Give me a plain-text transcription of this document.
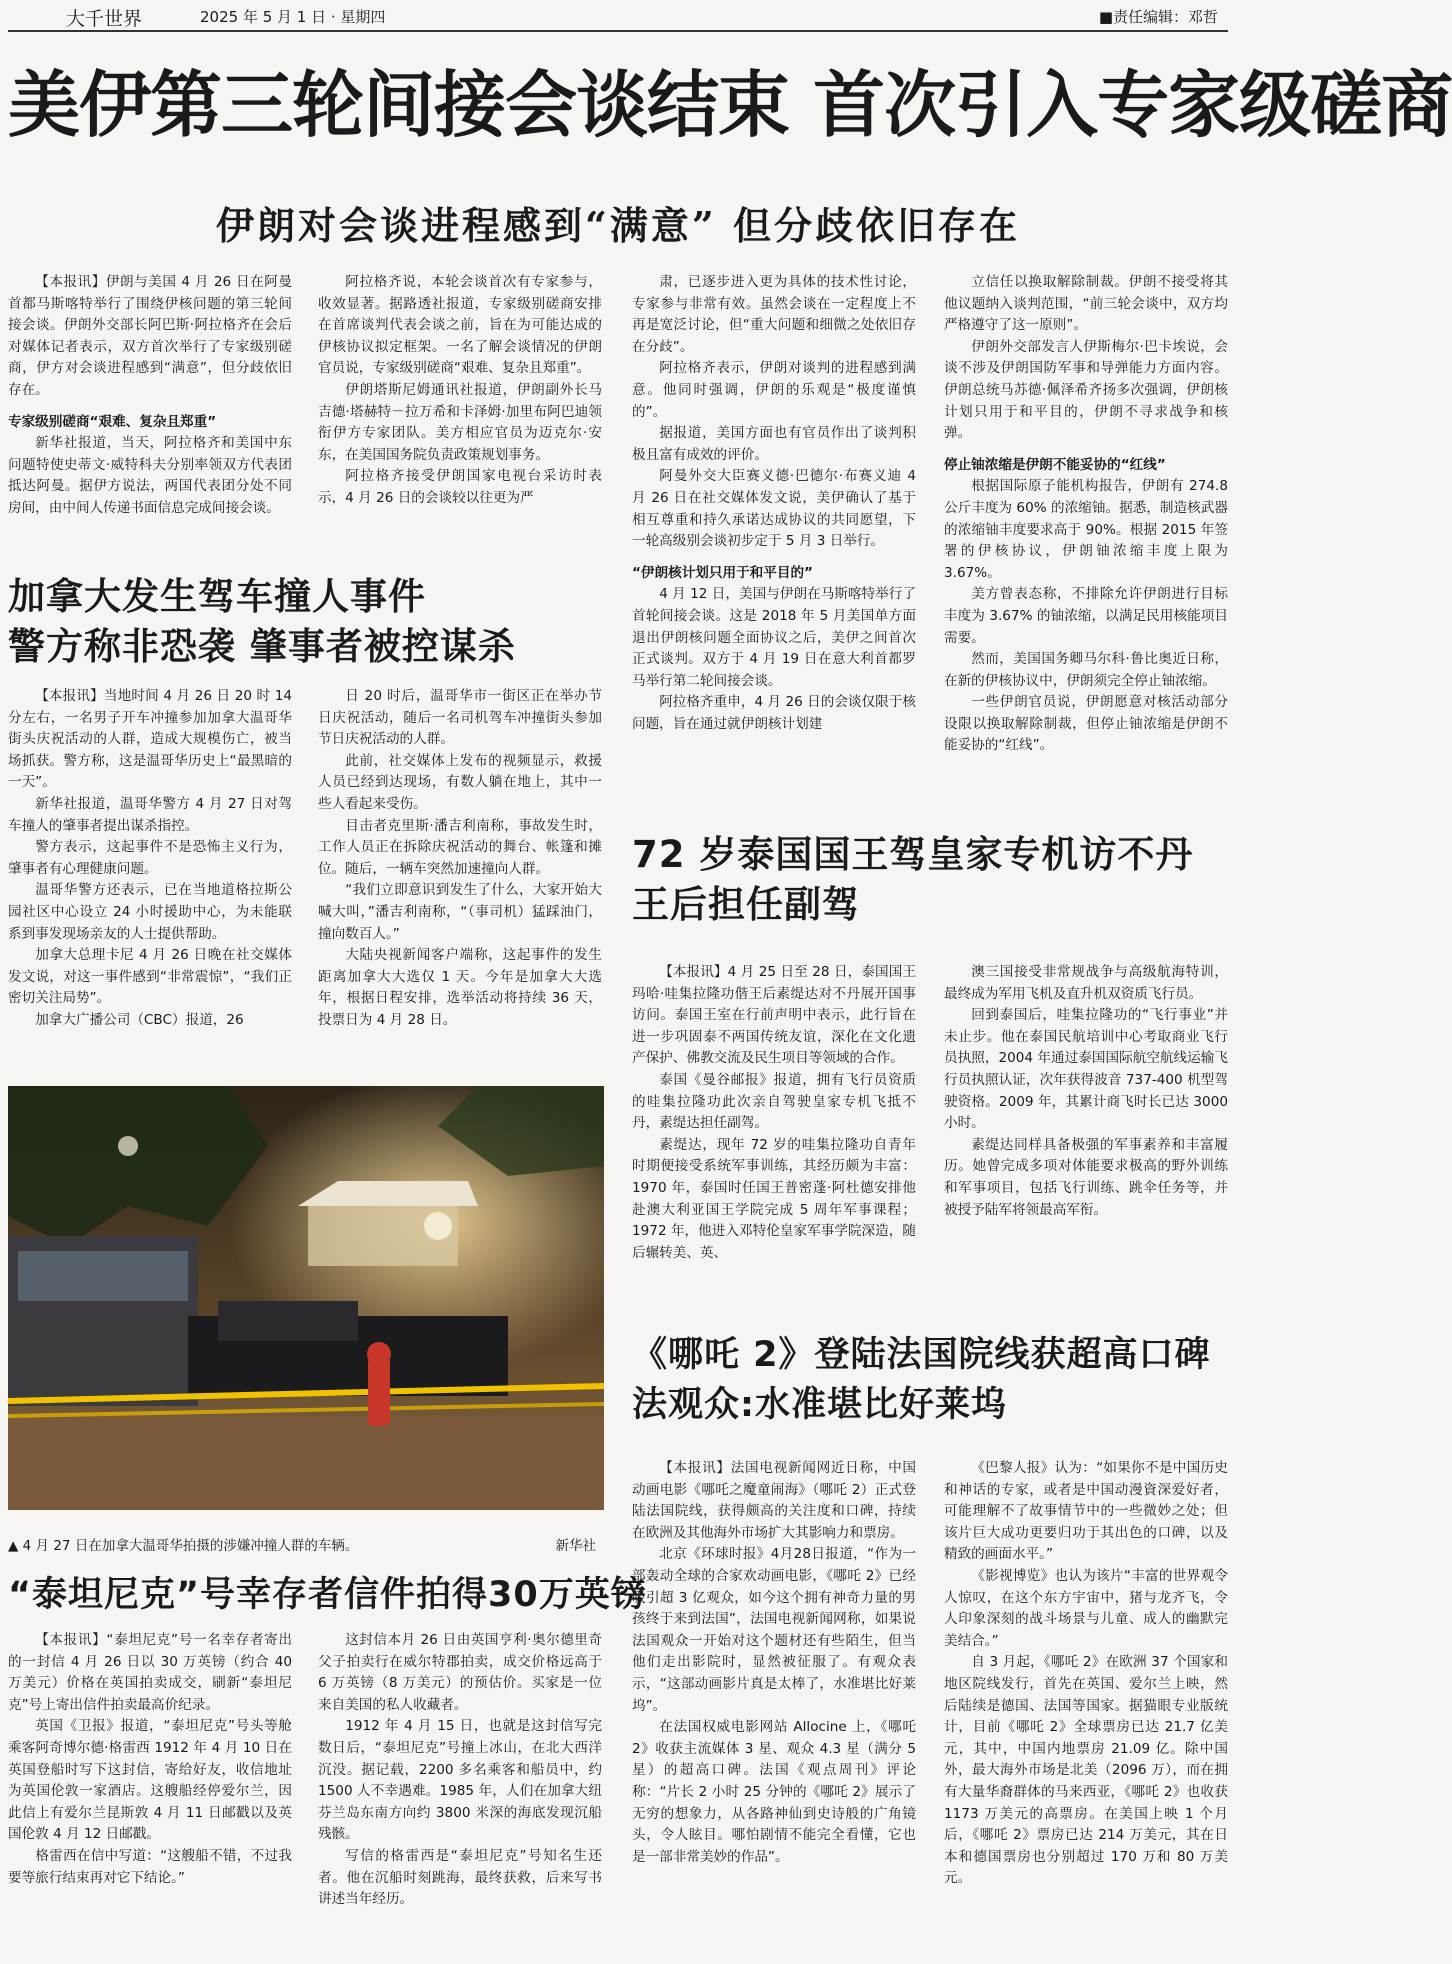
大千世界	2025 年 5 月 1 日 · 星期四	■责任编辑：邓哲
美伊第三轮间接会谈结束 首次引入专家级磋商
伊朗对会谈进程感到“满意” 但分歧依旧存在

【本报讯】伊朗与美国 4 月 26 日在阿曼首都马斯喀特举行了围绕伊核问题的第三轮间接会谈。伊朗外交部长阿巴斯·阿拉格齐在会后对媒体记者表示，双方首次举行了专家级别磋商，伊方对会谈进程感到“满意”，但分歧依旧存在。

专家级别磋商“艰难、复杂且郑重”

新华社报道，当天，阿拉格齐和美国中东问题特使史蒂文·威特科夫分别率领双方代表团抵达阿曼。据伊方说法，两国代表团分处不同房间，由中间人传递书面信息完成间接会谈。

阿拉格齐说，本轮会谈首次有专家参与，收效显著。据路透社报道，专家级别磋商安排在首席谈判代表会谈之前，旨在为可能达成的伊核协议拟定框架。一名了解会谈情况的伊朗官员说，专家级别磋商“艰难、复杂且郑重”。

伊朗塔斯尼姆通讯社报道，伊朗副外长马吉德·塔赫特－拉万希和卡泽姆·加里布阿巴迪领衔伊方专家团队。美方相应官员为迈克尔·安东，在美国国务院负责政策规划事务。

阿拉格齐接受伊朗国家电视台采访时表示，4 月 26 日的会谈较以往更为严

肃，已逐步进入更为具体的技术性讨论，专家参与非常有效。虽然会谈在一定程度上不再是宽泛讨论，但“重大问题和细微之处依旧存在分歧”。

阿拉格齐表示，伊朗对谈判的进程感到满意。他同时强调，伊朗的乐观是“极度谨慎的”。

据报道，美国方面也有官员作出了谈判积极且富有成效的评价。

阿曼外交大臣赛义德·巴德尔·布赛义迪 4 月 26 日在社交媒体发文说，美伊确认了基于相互尊重和持久承诺达成协议的共同愿望，下一轮高级别会谈初步定于 5 月 3 日举行。

“伊朗核计划只用于和平目的”

4 月 12 日，美国与伊朗在马斯喀特举行了首轮间接会谈。这是 2018 年 5 月美国单方面退出伊朗核问题全面协议之后，美伊之间首次正式谈判。双方于 4 月 19 日在意大利首都罗马举行第二轮间接会谈。

阿拉格齐重申，4 月 26 日的会谈仅限于核问题，旨在通过就伊朗核计划建

立信任以换取解除制裁。伊朗不接受将其他议题纳入谈判范围，“前三轮会谈中，双方均严格遵守了这一原则”。

伊朗外交部发言人伊斯梅尔·巴卡埃说，会谈不涉及伊朗国防军事和导弹能力方面内容。伊朗总统马苏德·佩泽希齐扬多次强调，伊朗核计划只用于和平目的，伊朗不寻求战争和核弹。

停止铀浓缩是伊朗不能妥协的“红线”

根据国际原子能机构报告，伊朗有 274.8 公斤丰度为 60% 的浓缩铀。据悉，制造核武器的浓缩铀丰度要求高于 90%。根据 2015 年签署的伊核协议，伊朗铀浓缩丰度上限为 3.67%。

美方曾表态称，不排除允许伊朗进行目标丰度为 3.67% 的铀浓缩，以满足民用核能项目需要。

然而，美国国务卿马尔科·鲁比奥近日称，在新的伊核协议中，伊朗须完全停止铀浓缩。

一些伊朗官员说，伊朗愿意对核活动部分设限以换取解除制裁，但停止铀浓缩是伊朗不能妥协的“红线”。

加拿大发生驾车撞人事件
警方称非恐袭 肇事者被控谋杀

【本报讯】当地时间 4 月 26 日 20 时 14 分左右，一名男子开车冲撞参加加拿大温哥华街头庆祝活动的人群，造成大规模伤亡，被当场抓获。警方称，这是温哥华历史上“最黑暗的一天”。

新华社报道，温哥华警方 4 月 27 日对驾车撞人的肇事者提出谋杀指控。

警方表示，这起事件不是恐怖主义行为，肇事者有心理健康问题。

温哥华警方还表示，已在当地道格拉斯公园社区中心设立 24 小时援助中心，为未能联系到事发现场亲友的人士提供帮助。

加拿大总理卡尼 4 月 26 日晚在社交媒体发文说，对这一事件感到“非常震惊”，“我们正密切关注局势”。

加拿大广播公司（CBC）报道，26

日 20 时后，温哥华市一街区正在举办节日庆祝活动，随后一名司机驾车冲撞街头参加节日庆祝活动的人群。

此前，社交媒体上发布的视频显示，救援人员已经到达现场，有数人躺在地上，其中一些人看起来受伤。

目击者克里斯·潘吉利南称，事故发生时，工作人员正在拆除庆祝活动的舞台、帐篷和摊位。随后，一辆车突然加速撞向人群。

“我们立即意识到发生了什么，大家开始大喊大叫，”潘吉利南称，“（事司机）猛踩油门，撞向数百人。”

大陆央视新闻客户端称，这起事件的发生距离加拿大大选仅 1 天。今年是加拿大大选年，根据日程安排，选举活动将持续 36 天，投票日为 4 月 28 日。

▲ 4 月 27 日在加拿大温哥华拍摄的涉嫌冲撞人群的车辆。	新华社
“泰坦尼克”号幸存者信件拍得30万英镑

【本报讯】“泰坦尼克”号一名幸存者寄出的一封信 4 月 26 日以 30 万英镑（约合 40 万美元）价格在英国拍卖成交，刷新“泰坦尼克”号上寄出信件拍卖最高价纪录。

英国《卫报》报道，“泰坦尼克”号头等舱乘客阿奇博尔德·格雷西 1912 年 4 月 10 日在英国登船时写下这封信，寄给好友，收信地址为英国伦敦一家酒店。这艘船经停爱尔兰，因此信上有爱尔兰昆斯敦 4 月 11 日邮戳以及英国伦敦 4 月 12 日邮戳。

格雷西在信中写道：“这艘船不错，不过我要等旅行结束再对它下结论。”

这封信本月 26 日由英国亨利·奥尔德里奇父子拍卖行在威尔特郡拍卖，成交价格远高于 6 万英镑（8 万美元）的预估价。买家是一位来自美国的私人收藏者。

1912 年 4 月 15 日，也就是这封信写完数日后，“泰坦尼克”号撞上冰山，在北大西洋沉没。据记载，2200 多名乘客和船员中，约 1500 人不幸遇难。1985 年，人们在加拿大纽芬兰岛东南方向约 3800 米深的海底发现沉船残骸。

写信的格雷西是“泰坦尼克”号知名生还者。他在沉船时刻跳海，最终获救，后来写书讲述当年经历。

72 岁泰国国王驾皇家专机访不丹
王后担任副驾

【本报讯】4 月 25 日至 28 日，泰国国王玛哈·哇集拉隆功偕王后素缇达对不丹展开国事访问。泰国王室在行前声明中表示，此行旨在进一步巩固泰不两国传统友谊，深化在文化遗产保护、佛教交流及民生项目等领域的合作。

泰国《曼谷邮报》报道，拥有飞行员资质的哇集拉隆功此次亲自驾驶皇家专机飞抵不丹，素缇达担任副驾。

素缇达，现年 72 岁的哇集拉隆功自青年时期便接受系统军事训练，其经历颇为丰富：1970 年，泰国时任国王普密蓬·阿杜德安排他赴澳大利亚国王学院完成 5 周年军事课程；1972 年，他进入邓特伦皇家军事学院深造，随后辗转美、英、

澳三国接受非常规战争与高级航海特训，最终成为军用飞机及直升机双资质飞行员。

回到泰国后，哇集拉隆功的“飞行事业”并未止步。他在泰国民航培训中心考取商业飞行员执照，2004 年通过泰国国际航空航线运输飞行员执照认证，次年获得波音 737-400 机型驾驶资格。2009 年，其累计商飞时长已达 3000 小时。

素缇达同样具备极强的军事素养和丰富履历。她曾完成多项对体能要求极高的野外训练和军事项目，包括飞行训练、跳伞任务等，并被授予陆军将领最高军衔。

《哪吒 2》登陆法国院线获超高口碑
法观众:水准堪比好莱坞

【本报讯】法国电视新闻网近日称，中国动画电影《哪吒之魔童闹海》（哪吒 2）正式登陆法国院线，获得颇高的关注度和口碑，持续在欧洲及其他海外市场扩大其影响力和票房。

北京《环球时报》4月28日报道，“作为一部轰动全球的合家欢动画电影，《哪吒 2》已经吸引超 3 亿观众，如今这个拥有神奇力量的男孩终于来到法国”，法国电视新闻网称，如果说法国观众一开始对这个题材还有些陌生，但当他们走出影院时，显然被征服了。有观众表示，“这部动画影片真是太棒了，水准堪比好莱坞”。

在法国权威电影网站 Allocine 上，《哪吒 2》收获主流媒体 3 星、观众 4.3 星（满分 5 星）的超高口碑。法国《观点周刊》评论称：“片长 2 小时 25 分钟的《哪吒 2》展示了无穷的想象力，从各路神仙到史诗般的广角镜头，令人眩目。哪怕剧情不能完全看懂，它也是一部非常美妙的作品”。

《巴黎人报》认为：“如果你不是中国历史和神话的专家，或者是中国动漫資深爱好者，可能理解不了故事情节中的一些微妙之处；但该片巨大成功更要归功于其出色的口碑，以及精致的画面水平。”

《影视博览》也认为该片“丰富的世界观令人惊叹，在这个东方宇宙中，猪与龙齐飞，令人印象深刻的战斗场景与儿童、成人的幽默完美结合。”

自 3 月起，《哪吒 2》在欧洲 37 个国家和地区院线发行，首先在英国、爱尔兰上映，然后陆续是德国、法国等国家。据猫眼专业版统计，目前《哪吒 2》全球票房已达 21.7 亿美元，其中，中国内地票房 21.09 亿。除中国外，最大海外市场是北美（2096 万），而在拥有大量华裔群体的马来西亚，《哪吒 2》也收获 1173 万美元的高票房。在美国上映 1 个月后，《哪吒 2》票房已达 214 万美元，其在日本和德国票房也分别超过 170 万和 80 万美元。
